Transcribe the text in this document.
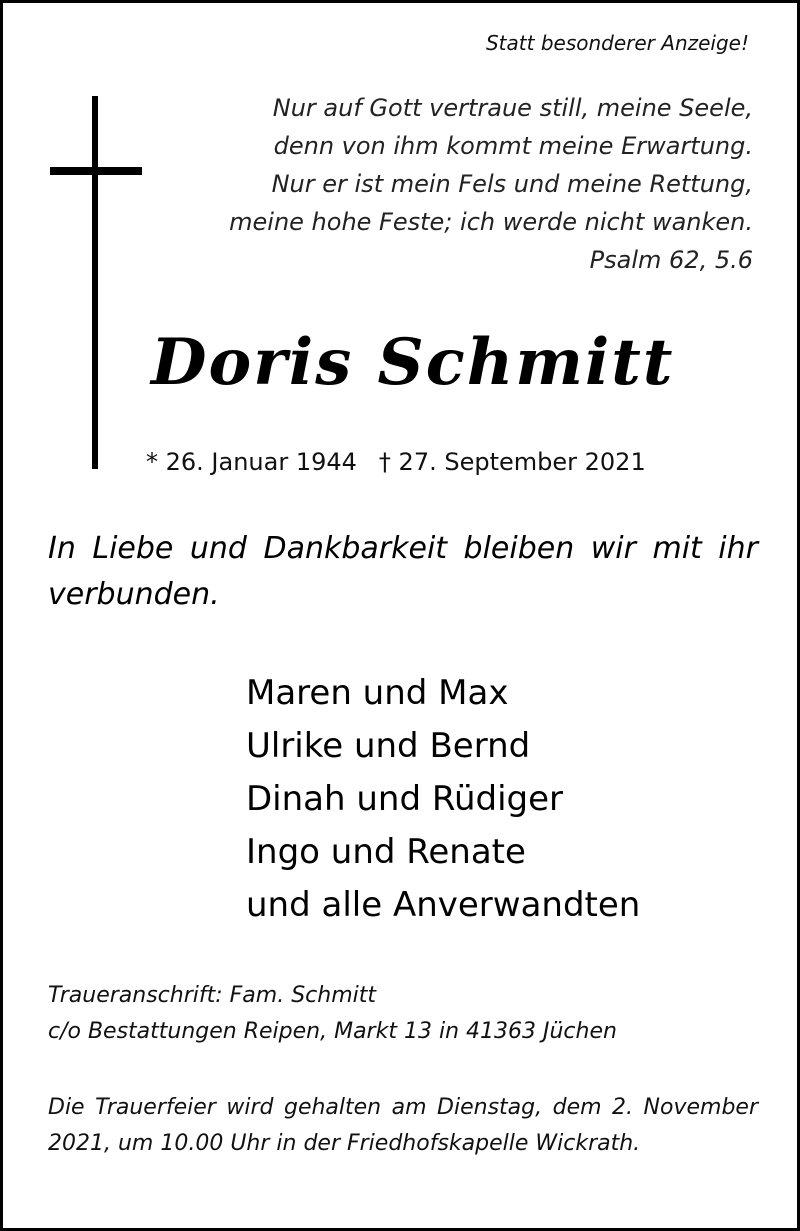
Statt besonderer Anzeige!

Nur auf Gott vertraue still, meine Seele,
denn von ihm kommt meine Erwartung.
Nur er ist mein Fels und meine Rettung,
meine hohe Feste; ich werde nicht wanken.
Psalm 62, 5.6
Doris Schmitt

* 26. Januar 1944 † 27. September 2021

In Liebe und Dankbarkeit bleiben wir mit ihr verbunden.

Maren und Max
Ulrike und Bernd
Dinah und Rüdiger
Ingo und Renate
und alle Anverwandten
Traueranschrift: Fam. Schmitt
c/o Bestattungen Reipen, Markt 13 in 41363 Jüchen

Die Trauerfeier wird gehalten am Dienstag, dem 2. November 2021, um 10.00 Uhr in der Friedhofskapelle Wickrath.
